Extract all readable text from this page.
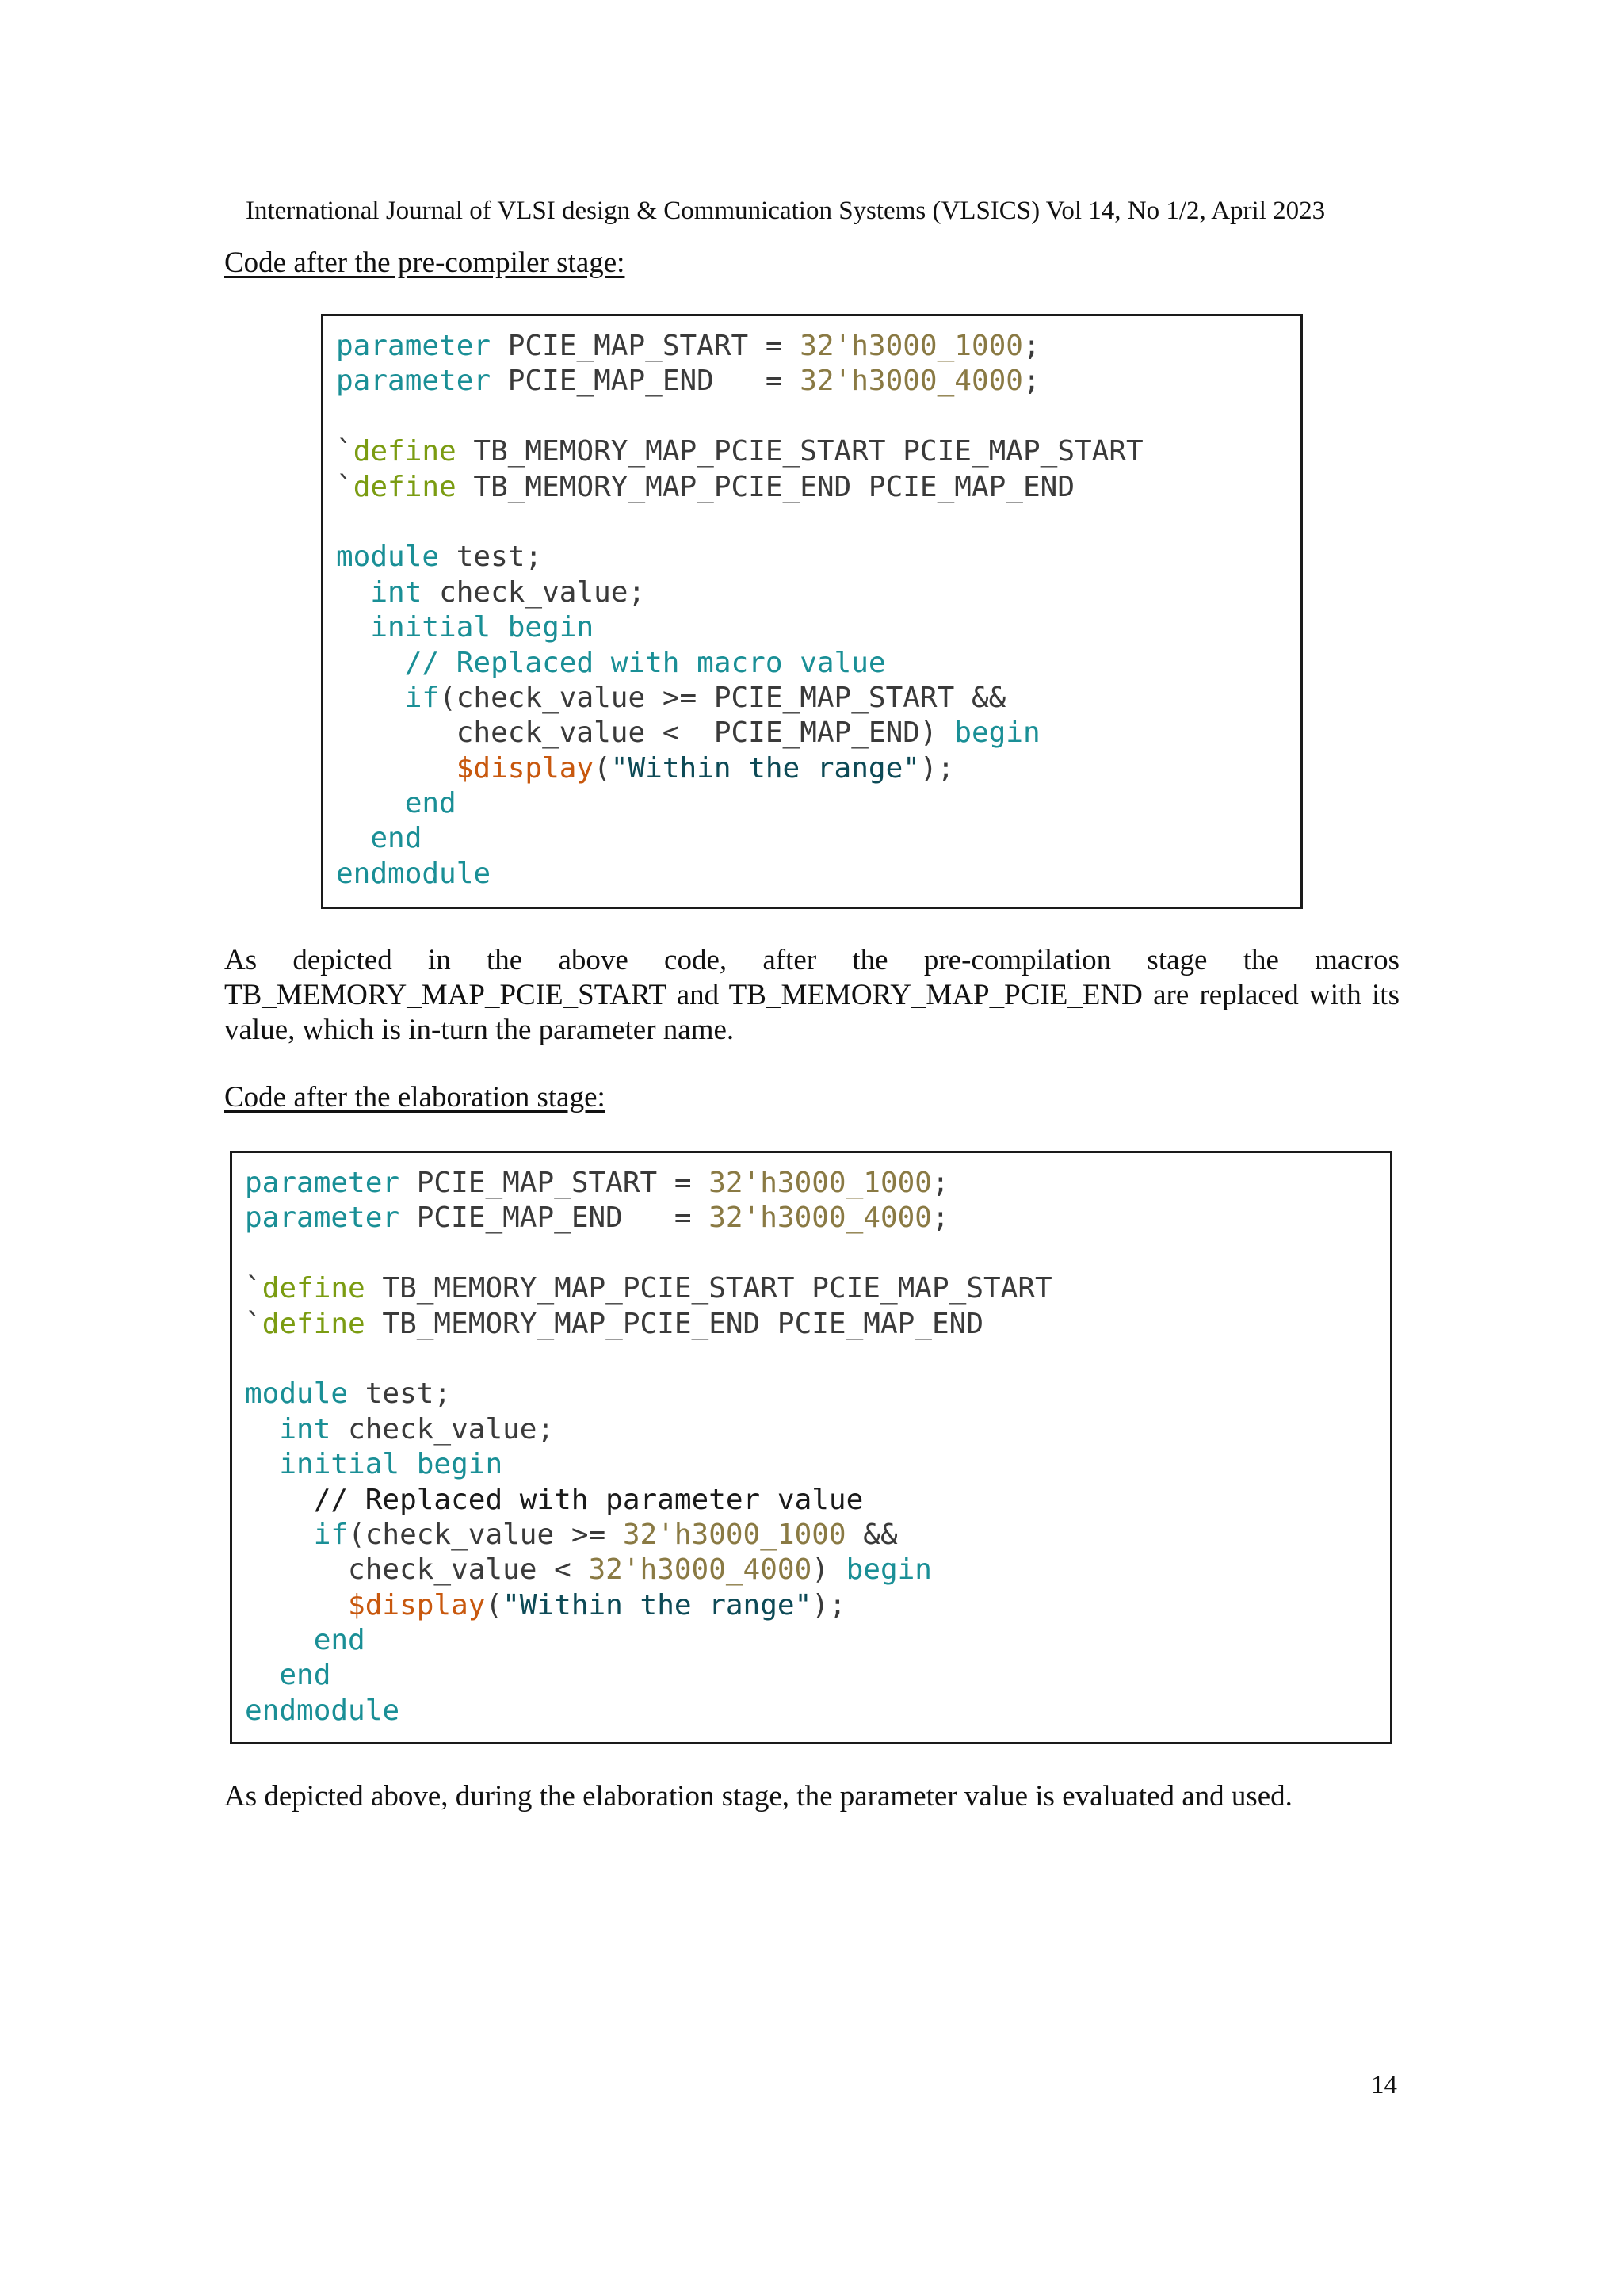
International Journal of VLSI design & Communication Systems (VLSICS) Vol 14, No 1/2, April 2023
Code after the pre-compiler stage:
parameter PCIE_MAP_START = 32'h3000_1000;
parameter PCIE_MAP_END   = 32'h3000_4000;

`define TB_MEMORY_MAP_PCIE_START PCIE_MAP_START
`define TB_MEMORY_MAP_PCIE_END PCIE_MAP_END

module test;
int check_value;
initial begin
// Replaced with macro value
if(check_value >= PCIE_MAP_START &&
check_value <  PCIE_MAP_END) begin
$display("Within the range");
end
end
endmodule
As depicted in the above code, after the pre-compilation stage the macros TB_MEMORY_MAP_PCIE_START and TB_MEMORY_MAP_PCIE_END are replaced with its value, which is in-turn the parameter name.
Code after the elaboration stage:
parameter PCIE_MAP_START = 32'h3000_1000;
parameter PCIE_MAP_END   = 32'h3000_4000;

`define TB_MEMORY_MAP_PCIE_START PCIE_MAP_START
`define TB_MEMORY_MAP_PCIE_END PCIE_MAP_END

module test;
int check_value;
initial begin
// Replaced with parameter value
if(check_value >= 32'h3000_1000 &&
check_value < 32'h3000_4000) begin
$display("Within the range");
end
end
endmodule
As depicted above, during the elaboration stage, the parameter value is evaluated and used.
14
